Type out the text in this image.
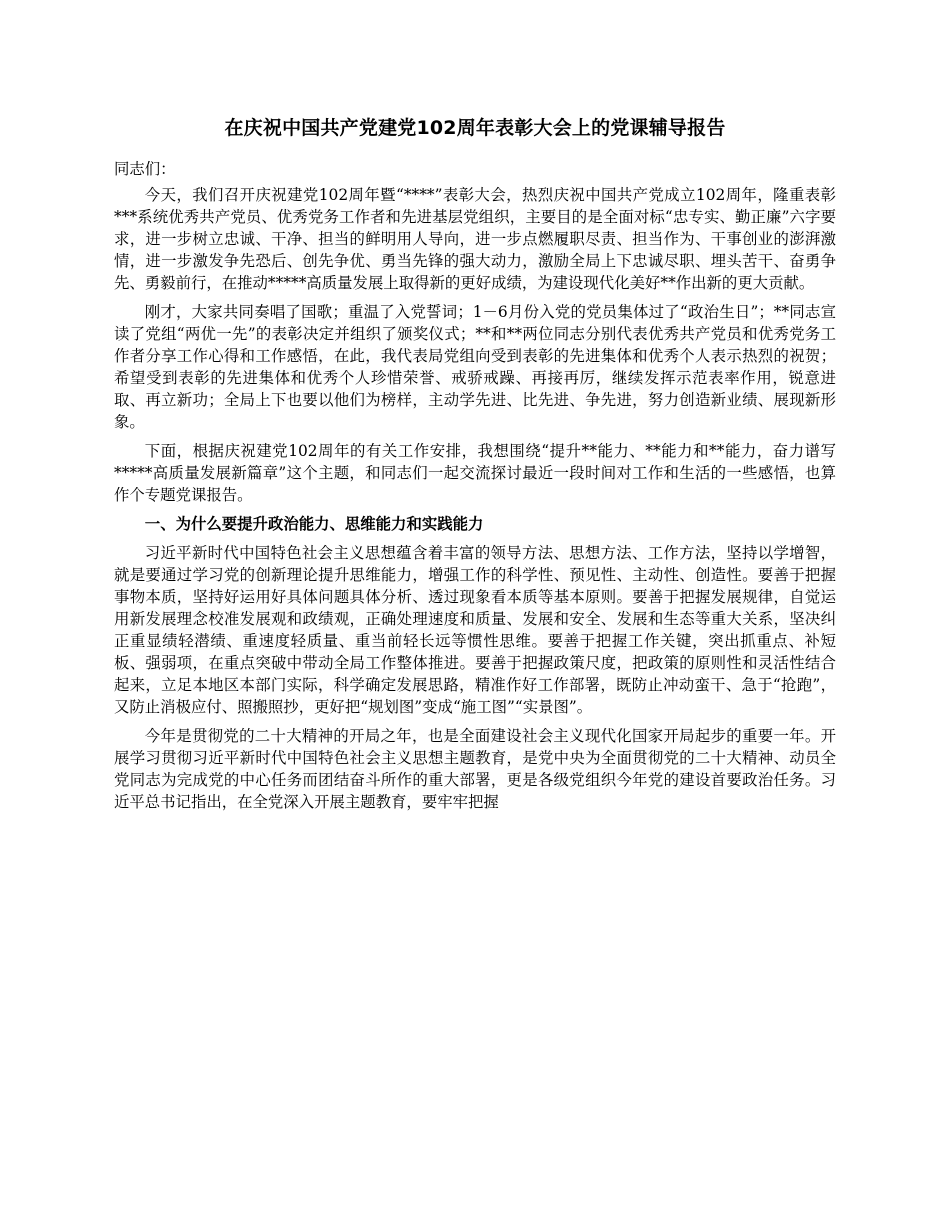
在庆祝中国共产党建党102周年表彰大会上的党课辅导报告

同志们：

今天，我们召开庆祝建党102周年暨“****”表彰大会，热烈庆祝中国共产党成立102周年，隆重表彰***系统优秀共产党员、优秀党务工作者和先进基层党组织，主要目的是全面对标“忠专实、勤正廉”六字要求，进一步树立忠诚、干净、担当的鲜明用人导向，进一步点燃履职尽责、担当作为、干事创业的澎湃激情，进一步激发争先恐后、创先争优、勇当先锋的强大动力，激励全局上下忠诚尽职、埋头苦干、奋勇争先、勇毅前行，在推动*****高质量发展上取得新的更好成绩，为建设现代化美好**作出新的更大贡献。

刚才，大家共同奏唱了国歌；重温了入党誓词；1－6月份入党的党员集体过了“政治生日”；**同志宣读了党组“两优一先”的表彰决定并组织了颁奖仪式；**和**两位同志分别代表优秀共产党员和优秀党务工作者分享工作心得和工作感悟，在此，我代表局党组向受到表彰的先进集体和优秀个人表示热烈的祝贺；希望受到表彰的先进集体和优秀个人珍惜荣誉、戒骄戒躁、再接再厉，继续发挥示范表率作用，锐意进取、再立新功；全局上下也要以他们为榜样，主动学先进、比先进、争先进，努力创造新业绩、展现新形象。

下面，根据庆祝建党102周年的有关工作安排，我想围绕“提升**能力、**能力和**能力，奋力谱写*****高质量发展新篇章”这个主题，和同志们一起交流探讨最近一段时间对工作和生活的一些感悟，也算作个专题党课报告。

一、为什么要提升政治能力、思维能力和实践能力

习近平新时代中国特色社会主义思想蕴含着丰富的领导方法、思想方法、工作方法，坚持以学增智，就是要通过学习党的创新理论提升思维能力，增强工作的科学性、预见性、主动性、创造性。要善于把握事物本质，坚持好运用好具体问题具体分析、透过现象看本质等基本原则。要善于把握发展规律，自觉运用新发展理念校准发展观和政绩观，正确处理速度和质量、发展和安全、发展和生态等重大关系，坚决纠正重显绩轻潜绩、重速度轻质量、重当前轻长远等惯性思维。要善于把握工作关键，突出抓重点、补短板、强弱项，在重点突破中带动全局工作整体推进。要善于把握政策尺度，把政策的原则性和灵活性结合起来，立足本地区本部门实际，科学确定发展思路，精准作好工作部署，既防止冲动蛮干、急于“抢跑”，又防止消极应付、照搬照抄，更好把“规划图”变成“施工图”“实景图”。

今年是贯彻党的二十大精神的开局之年，也是全面建设社会主义现代化国家开局起步的重要一年。开展学习贯彻习近平新时代中国特色社会主义思想主题教育，是党中央为全面贯彻党的二十大精神、动员全党同志为完成党的中心任务而团结奋斗所作的重大部署，更是各级党组织今年党的建设首要政治任务。习近平总书记指出，在全党深入开展主题教育，要牢牢把握
